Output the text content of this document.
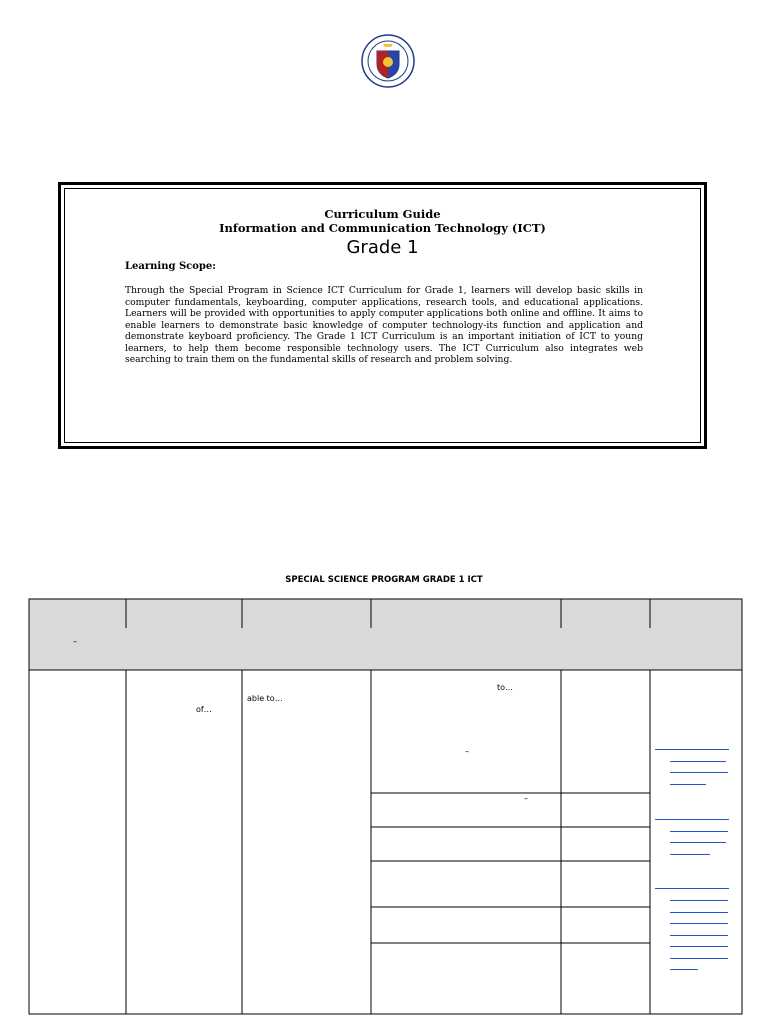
Curriculum Guide
Information and Communication Technology (ICT)
Grade 1
Learning Scope:
Through the Special Program in Science ICT Curriculum for Grade 1, learners will develop basic skills in computer fundamentals, keyboarding, computer applications, research tools, and educational applications. Learners will be provided with opportunities to apply computer applications both online and offline. It aims to enable learners to demonstrate basic knowledge of computer technology-its function and application and demonstrate keyboard proficiency. The Grade 1 ICT Curriculum is an important initiation of ICT to young learners, to help them become responsible technology users. The ICT Curriculum also integrates web searching to train them on the fundamental skills of research and problem solving.
SPECIAL SCIENCE PROGRAM GRADE 1 ICT
–
of…
able to…
to…
–
–
